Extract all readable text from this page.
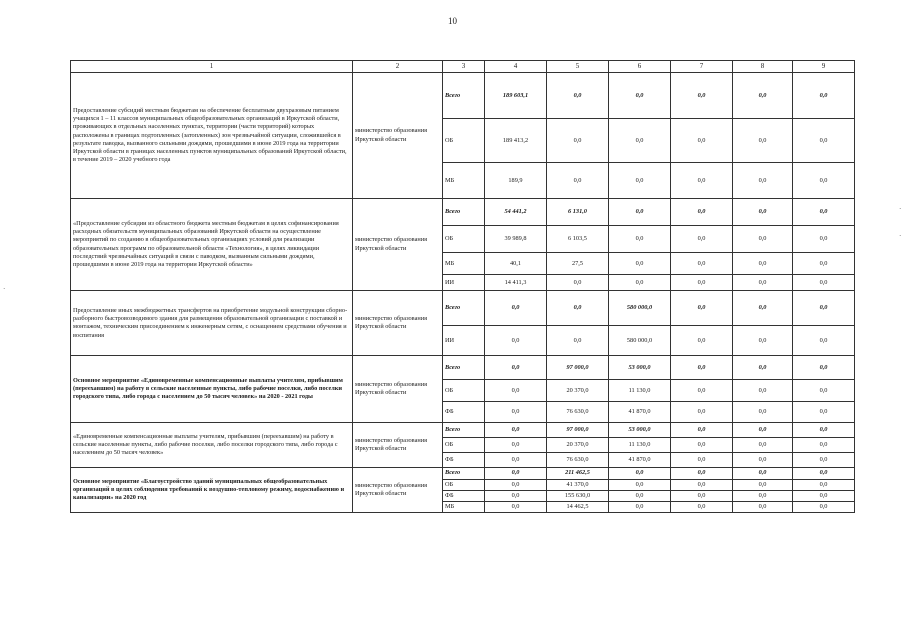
10
1	2	3	4	5	6	7	8	9
Предоставление субсидий местным бюджетам на обеспечение бесплатным двухразовым питанием учащихся 1 – 11 классов муниципальных общеобразовательных организаций в Иркутской области, проживающих в отдельных населенных пунктах, территории (части территорий) которых расположены в границах подтопленных (затопленных) зон чрезвычайной ситуации, сложившейся в результате паводка, вызванного сильными дождями, прошедшими в июне 2019 года на территории Иркутской области в границах населенных пунктов муниципальных образований Иркутской области, в течение 2019 – 2020 учебного года	министерство образования Иркутской области	Всего	189 603,1	0,0	0,0	0,0	0,0	0,0
		ОБ	189 413,2	0,0	0,0	0,0	0,0	0,0
		МБ	189,9	0,0	0,0	0,0	0,0	0,0
«Предоставление субсидии из областного бюджета местным бюджетам в целях софинансирования расходных обязательств муниципальных образований Иркутской области на осуществление мероприятий по созданию в общеобразовательных организациях условий для реализации образовательных программ по образовательной области «Технология», в целях ликвидации последствий чрезвычайных ситуаций в связи с паводком, вызванным сильными дождями, прошедшими в июне 2019 года на территории Иркутской области»	министерство образования Иркутской области	Всего	54 441,2	6 131,0	0,0	0,0	0,0	0,0
		ОБ	39 989,8	6 103,5	0,0	0,0	0,0	0,0
		МБ	40,1	27,5	0,0	0,0	0,0	0,0
		ИИ	14 411,3	0,0	0,0	0,0	0,0	0,0
Предоставление иных межбюджетных трансфертов на приобретение модульной конструкции сборно-разборного быстровозводимого здания для размещения образовательной организации с поставкой и монтажом, техническим присоединением к инженерным сетям, с оснащением средствами обучения и воспитания	министерство образования Иркутской области	Всего	0,0	0,0	580 000,0	0,0	0,0	0,0
		ИИ	0,0	0,0	580 000,0	0,0	0,0	0,0
Основное мероприятие «Единовременные компенсационные выплаты учителям, прибывшим (переехавшим) на работу в сельские населенные пункты, либо рабочие поселки, либо поселки городского типа, либо города с населением до 50 тысяч человек» на 2020 - 2021 годы	министерство образования Иркутской области	Всего	0,0	97 000,0	53 000,0	0,0	0,0	0,0
		ОБ	0,0	20 370,0	11 130,0	0,0	0,0	0,0
		ФБ	0,0	76 630,0	41 870,0	0,0	0,0	0,0
«Единовременные компенсационные выплаты учителям, прибывшим (переехавшим) на работу в сельские населенные пункты, либо рабочие поселки, либо поселки городского типа, либо города с населением до 50 тысяч человек»	министерство образования Иркутской области	Всего	0,0	97 000,0	53 000,0	0,0	0,0	0,0
		ОБ	0,0	20 370,0	11 130,0	0,0	0,0	0,0
		ФБ	0,0	76 630,0	41 870,0	0,0	0,0	0,0
Основное мероприятие «Благоустройство зданий муниципальных общеобразовательных организаций в целях соблюдения требований к воздушно-тепловому режиму, водоснабжению и канализации» на 2020 год	министерство образования Иркутской области	Всего	0,0	211 462,5	0,0	0,0	0,0	0,0
		ОБ	0,0	41 370,0	0,0	0,0	0,0	0,0
		ФБ	0,0	155 630,0	0,0	0,0	0,0	0,0
		МБ	0,0	14 462,5	0,0	0,0	0,0	0,0
·
·
·
